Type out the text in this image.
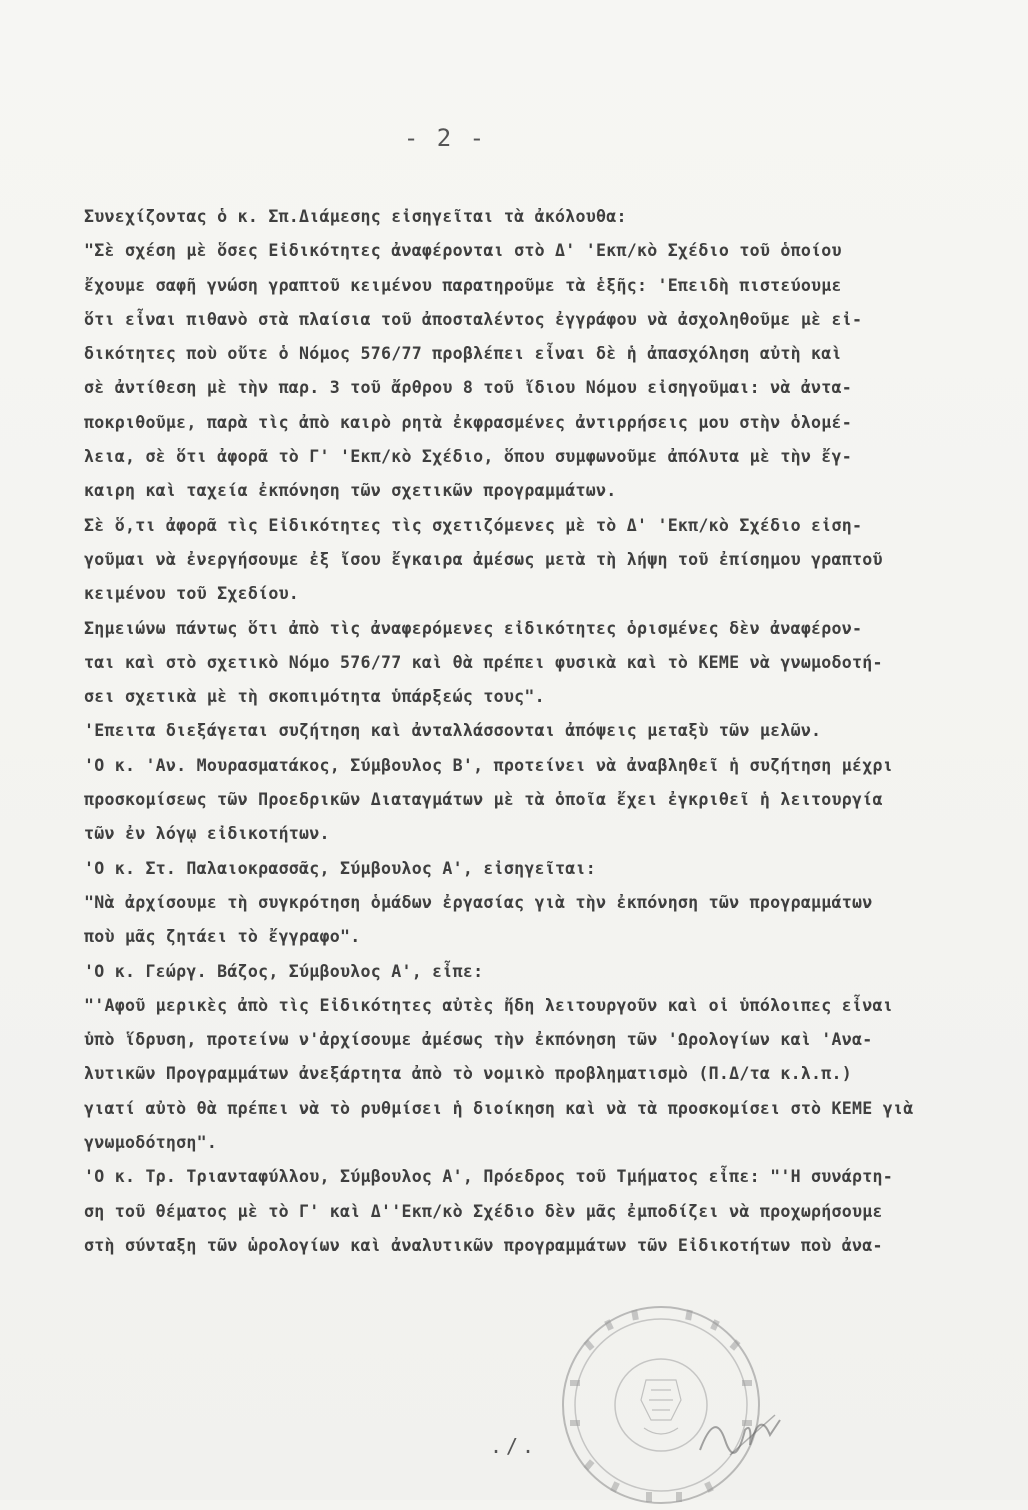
- 2 -
Συνεχίζοντας ὁ κ. Σπ.Διάμεσης εἰσηγεῖται τὰ ἀκόλουθα:
"Σὲ σχέση μὲ ὅσες Εἰδικότητες ἀναφέρονται στὸ Δ' 'Εκπ/κὸ Σχέδιο τοῦ ὁποίου
ἔχουμε σαφῆ γνώση γραπτοῦ κειμένου παρατηροῦμε τὰ ἑξῆς: 'Επειδὴ πιστεύουμε
ὅτι εἶναι πιθανὸ στὰ πλαίσια τοῦ ἀποσταλέντος ἐγγράφου νὰ ἀσχοληθοῦμε μὲ εἰ-
δικότητες ποὺ οὔτε ὁ Νόμος 576/77 προβλέπει εἶναι δὲ ἡ ἀπασχόληση αὐτὴ καὶ
σὲ ἀντίθεση μὲ τὴν παρ. 3 τοῦ ἄρθρου 8 τοῦ ἴδιου Νόμου εἰσηγοῦμαι: νὰ ἀντα-
ποκριθοῦμε, παρὰ τὶς ἀπὸ καιρὸ ρητὰ ἐκφρασμένες ἀντιρρήσεις μου στὴν ὁλομέ-
λεια, σὲ ὅτι ἀφορᾶ τὸ Γ' 'Εκπ/κὸ Σχέδιο, ὅπου συμφωνοῦμε ἀπόλυτα μὲ τὴν ἔγ-
καιρη καὶ ταχεία ἐκπόνηση τῶν σχετικῶν προγραμμάτων.
Σὲ ὅ,τι ἀφορᾶ τὶς Εἰδικότητες τὶς σχετιζόμενες μὲ τὸ Δ' 'Εκπ/κὸ Σχέδιο εἰση-
γοῦμαι νὰ ἐνεργήσουμε ἐξ ἴσου ἔγκαιρα ἀμέσως μετὰ τὴ λήψη τοῦ ἐπίσημου γραπτοῦ
κειμένου τοῦ Σχεδίου.
Σημειώνω πάντως ὅτι ἀπὸ τὶς ἀναφερόμενες εἰδικότητες ὁρισμένες δὲν ἀναφέρον-
ται καὶ στὸ σχετικὸ Νόμο 576/77 καὶ θὰ πρέπει φυσικὰ καὶ τὸ ΚΕΜΕ νὰ γνωμοδοτή-
σει σχετικὰ μὲ τὴ σκοπιμότητα ὑπάρξεώς τους".
'Επειτα διεξάγεται συζήτηση καὶ ἀνταλλάσσονται ἀπόψεις μεταξὺ τῶν μελῶν.
'Ο κ. 'Αν. Μουρασματάκος, Σύμβουλος Β', προτείνει νὰ ἀναβληθεῖ ἡ συζήτηση μέχρι
προσκομίσεως τῶν Προεδρικῶν Διαταγμάτων μὲ τὰ ὁποῖα ἔχει ἐγκριθεῖ ἡ λειτουργία
τῶν ἐν λόγῳ εἰδικοτήτων.
'Ο κ. Στ. Παλαιοκρασσᾶς, Σύμβουλος Α', εἰσηγεῖται:
"Νὰ ἀρχίσουμε τὴ συγκρότηση ὁμάδων ἐργασίας γιὰ τὴν ἐκπόνηση τῶν προγραμμάτων
ποὺ μᾶς ζητάει τὸ ἔγγραφο".
'Ο κ. Γεώργ. Βάζος, Σύμβουλος Α', εἶπε:
"'Αφοῦ μερικὲς ἀπὸ τὶς Εἰδικότητες αὐτὲς ἤδη λειτουργοῦν καὶ οἱ ὑπόλοιπες εἶναι
ὑπὸ ἵδρυση, προτείνω ν'ἀρχίσουμε ἀμέσως τὴν ἐκπόνηση τῶν 'Ωρολογίων καὶ 'Ανα-
λυτικῶν Προγραμμάτων ἀνεξάρτητα ἀπὸ τὸ νομικὸ προβληματισμὸ (Π.Δ/τα κ.λ.π.)
γιατί αὐτὸ θὰ πρέπει νὰ τὸ ρυθμίσει ἡ διοίκηση καὶ νὰ τὰ προσκομίσει στὸ ΚΕΜΕ γιὰ
γνωμοδότηση".
'Ο κ. Τρ. Τριανταφύλλου, Σύμβουλος Α', Πρόεδρος τοῦ Τμήματος εἶπε: "'Η συνάρτη-
ση τοῦ θέματος μὲ τὸ Γ' καὶ Δ''Εκπ/κὸ Σχέδιο δὲν μᾶς ἐμποδίζει νὰ προχωρήσουμε
στὴ σύνταξη τῶν ὡρολογίων καὶ ἀναλυτικῶν προγραμμάτων τῶν Εἰδικοτήτων ποὺ ἀνα-
./.
